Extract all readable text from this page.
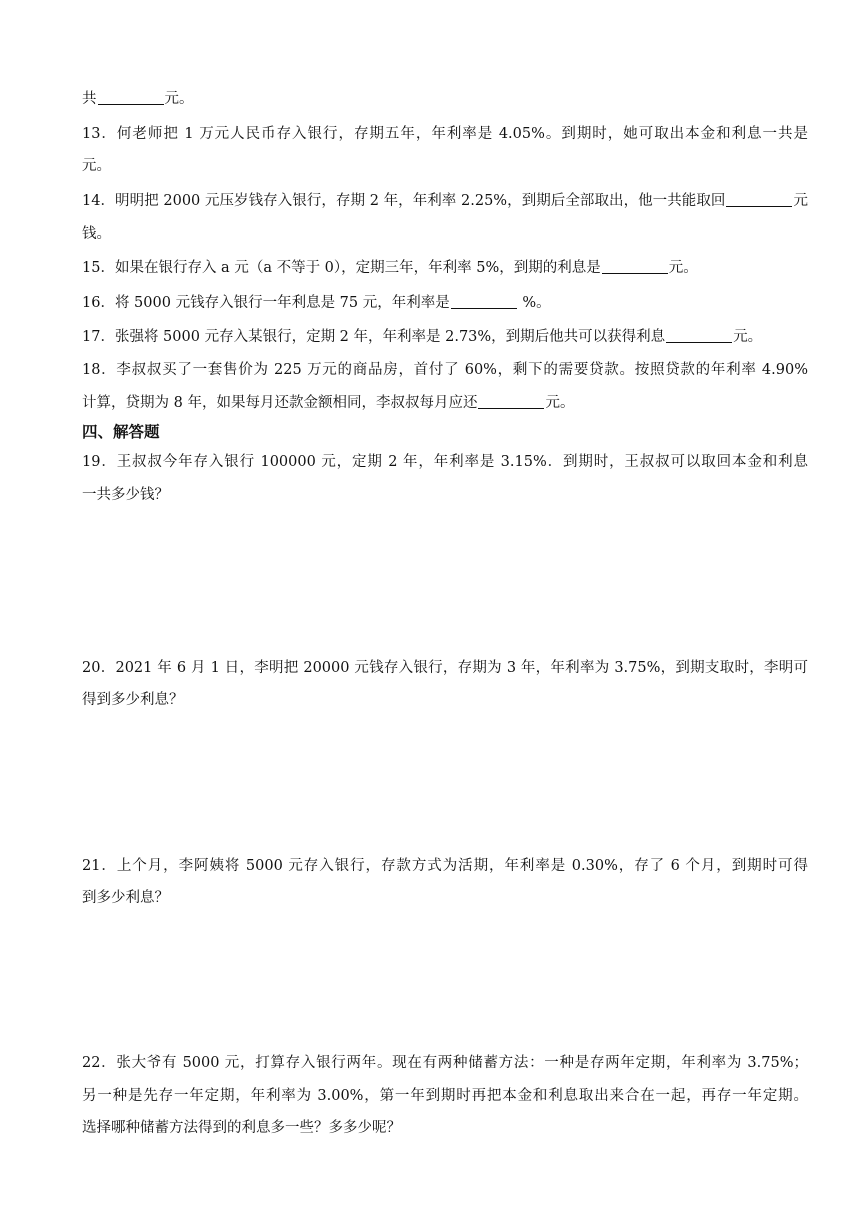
共	元。
13．何老师把 1 万元人民币存入银行，存期五年，年利率是 4.05%。到期时，她可取出本金和利息一共是
元。
14．明明把 2000 元压岁钱存入银行，存期 2 年，年利率 2.25%，到期后全部取出，他一共能取回	元
钱。
15．如果在银行存入 a 元（a 不等于 0），定期三年，年利率 5%，到期的利息是	元。
16．将 5000 元钱存入银行一年利息是 75 元，年利率是	%。
17．张强将 5000 元存入某银行，定期 2 年，年利率是 2.73%，到期后他共可以获得利息	元。
18．李叔叔买了一套售价为 225 万元的商品房，首付了 60%，剩下的需要贷款。按照贷款的年利率 4.90%
计算，贷期为 8 年，如果每月还款金额相同，李叔叔每月应还	元。
四、解答题
19．王叔叔今年存入银行 100000 元，定期 2 年，年利率是 3.15%．到期时，王叔叔可以取回本金和利息
一共多少钱？
20．2021 年 6 月 1 日，李明把 20000 元钱存入银行，存期为 3 年，年利率为 3.75%，到期支取时，李明可
得到多少利息？
21．上个月，李阿姨将 5000 元存入银行，存款方式为活期，年利率是 0.30%，存了 6 个月，到期时可得
到多少利息？
22．张大爷有 5000 元，打算存入银行两年。现在有两种储蓄方法：一种是存两年定期，年利率为 3.75%；
另一种是先存一年定期，年利率为 3.00%，第一年到期时再把本金和利息取出来合在一起，再存一年定期。
选择哪种储蓄方法得到的利息多一些？多多少呢？
